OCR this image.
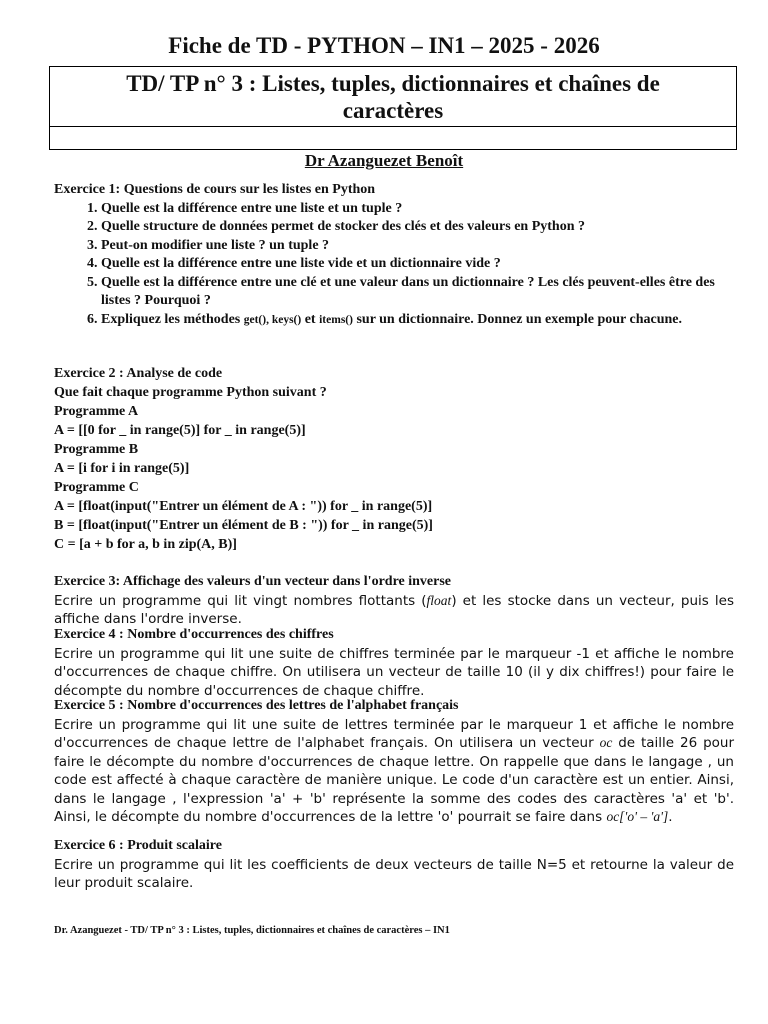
Fiche de TD - PYTHON – IN1 – 2025 - 2026
TD/ TP n° 3 : Listes, tuples, dictionnaires et chaînes de
caractères
Dr Azanguezet Benoît
Exercice 1: Questions de cours sur les listes en Python
1. Quelle est la différence entre une liste et un tuple ?
2. Quelle structure de données permet de stocker des clés et des valeurs en Python ?
3. Peut-on modifier une liste ? un tuple ?
4. Quelle est la différence entre une liste vide et un dictionnaire vide ?
5. Quelle est la différence entre une clé et une valeur dans un dictionnaire ? Les clés peuvent-elles être des listes ? Pourquoi ?
6. Expliquez les méthodes get(), keys() et items() sur un dictionnaire. Donnez un exemple pour chacune.
Exercice 2 : Analyse de code
Que fait chaque programme Python suivant ?
Programme A
A = [[0 for _ in range(5)] for _ in range(5)]
Programme B
A = [i for i in range(5)]
Programme C
A = [float(input("Entrer un élément de A : ")) for _ in range(5)]
B = [float(input("Entrer un élément de B : ")) for _ in range(5)]
C = [a + b for a, b in zip(A, B)]
Exercice 3: Affichage des valeurs d'un vecteur dans l'ordre inverse
Ecrire un programme qui lit vingt nombres flottants (float) et les stocke dans un vecteur, puis les affiche dans l'ordre inverse.
Exercice 4 : Nombre d'occurrences des chiffres
Ecrire un programme qui lit une suite de chiffres terminée par le marqueur -1 et affiche le nombre d'occurrences de chaque chiffre. On utilisera un vecteur de taille 10 (il y dix chiffres!) pour faire le décompte du nombre d'occurrences de chaque chiffre.
Exercice 5 : Nombre d'occurrences des lettres de l'alphabet français
Ecrire un programme qui lit une suite de lettres terminée par le marqueur 1 et affiche le nombre d'occurrences de chaque lettre de l'alphabet français. On utilisera un vecteur oc de taille 26 pour faire le décompte du nombre d'occurrences de chaque lettre. On rappelle que dans le langage , un code est affecté à chaque caractère de manière unique. Le code d'un caractère est un entier. Ainsi, dans le langage , l'expression 'a' + 'b' représente la somme des codes des caractères 'a' et 'b'. Ainsi, le décompte du nombre d'occurrences de la lettre 'o' pourrait se faire dans oc['o' – 'a'].
Exercice 6 : Produit scalaire
Ecrire un programme qui lit les coefficients de deux vecteurs de taille N=5 et retourne la valeur de leur produit scalaire.
Dr. Azanguezet - TD/ TP n° 3 : Listes, tuples, dictionnaires et chaînes de caractères – IN1
